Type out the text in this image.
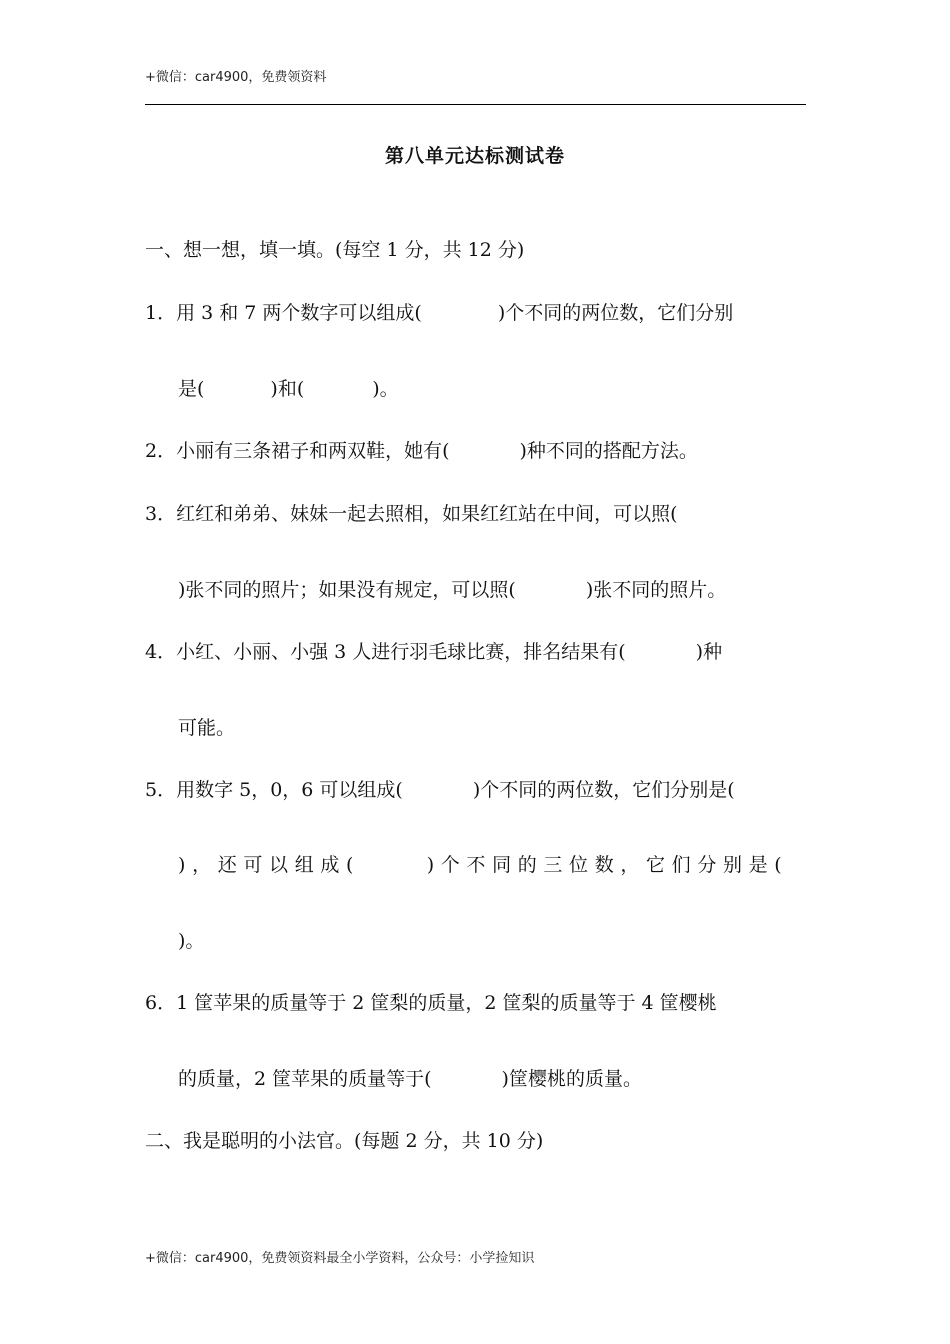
+微信：car4900，免费领资料
第八单元达标测试卷
一、想一想，填一填。(每空 1 分，共 12 分)
1．用 3 和 7 两个数字可以组成(	)个不同的两位数，它们分别
是(	)和(	)。
2．小丽有三条裙子和两双鞋，她有(	)种不同的搭配方法。
3．红红和弟弟、妹妹一起去照相，如果红红站在中间，可以照(
)张不同的照片；如果没有规定，可以照(	)张不同的照片。
4．小红、小丽、小强 3 人进行羽毛球比赛，排名结果有(	)种
可能。
5．用数字 5，0，6 可以组成(	)个不同的两位数，它们分别是(
) ， 还 可 以 组 成 (	) 个 不 同 的 三 位 数 ， 它 们 分 别 是 (
)。
6．1 筐苹果的质量等于 2 筐梨的质量，2 筐梨的质量等于 4 筐樱桃
的质量，2 筐苹果的质量等于(	)筐樱桃的质量。
二、我是聪明的小法官。(每题 2 分，共 10 分)
+微信：car4900，免费领资料最全小学资料，公众号：小学捡知识
